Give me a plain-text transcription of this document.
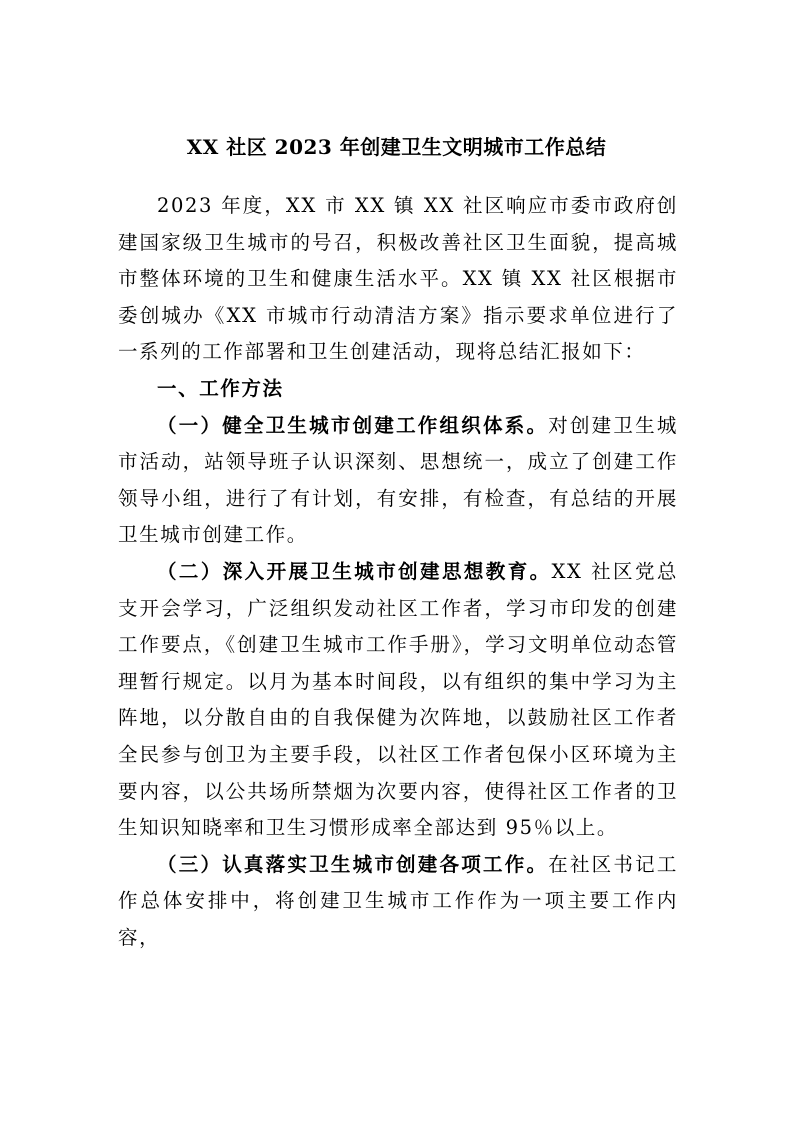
XX 社区 2023 年创建卫生文明城市工作总结

2023 年度，XX 市 XX 镇 XX 社区响应市委市政府创建国家级卫生城市的号召，积极改善社区卫生面貌，提高城市整体环境的卫生和健康生活水平。XX 镇 XX 社区根据市委创城办《XX 市城市行动清洁方案》指示要求单位进行了一系列的工作部署和卫生创建活动，现将总结汇报如下：

一、工作方法

（一）健全卫生城市创建工作组织体系。对创建卫生城市活动，站领导班子认识深刻、思想统一，成立了创建工作领导小组，进行了有计划，有安排，有检查，有总结的开展卫生城市创建工作。

（二）深入开展卫生城市创建思想教育。XX 社区党总支开会学习，广泛组织发动社区工作者，学习市印发的创建工作要点，《创建卫生城市工作手册》，学习文明单位动态管理暂行规定。以月为基本时间段，以有组织的集中学习为主阵地，以分散自由的自我保健为次阵地，以鼓励社区工作者全民参与创卫为主要手段，以社区工作者包保小区环境为主要内容，以公共场所禁烟为次要内容，使得社区工作者的卫生知识知晓率和卫生习惯形成率全部达到 95％以上。

（三）认真落实卫生城市创建各项工作。在社区书记工作总体安排中，将创建卫生城市工作作为一项主要工作内容，
